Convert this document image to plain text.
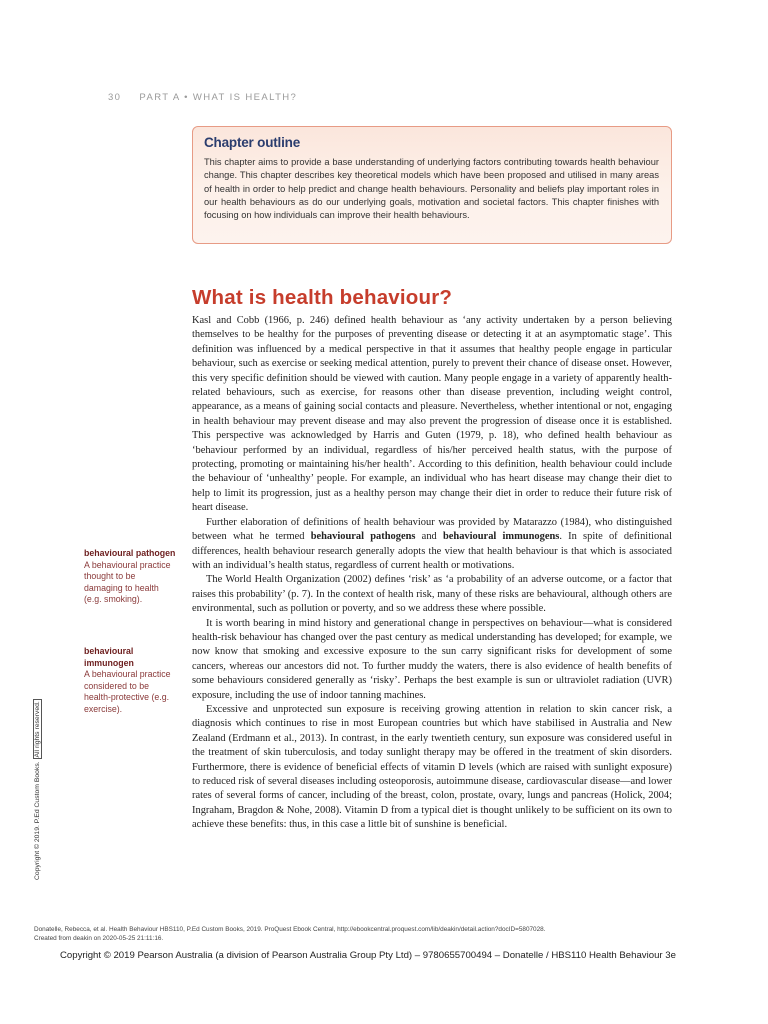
30 PART A • WHAT IS HEALTH?
Chapter outline
This chapter aims to provide a base understanding of underlying factors contributing towards health behaviour change. This chapter describes key theoretical models which have been proposed and utilised in many areas of health in order to help predict and change health behaviours. Personality and beliefs play important roles in our health behaviours as do our underlying goals, motivation and societal factors. This chapter finishes with focusing on how individuals can improve their health behaviours.
What is health behaviour?

Kasl and Cobb (1966, p. 246) defined health behaviour as ‘any activity undertaken by a person believing themselves to be healthy for the purposes of preventing disease or detecting it at an asymptomatic stage’. This definition was influenced by a medical perspective in that it assumes that healthy people engage in particular behaviour, such as exercise or seeking medical attention, purely to prevent their chance of disease onset. However, this very specific definition should be viewed with caution. Many people engage in a variety of apparently health-related behaviours, such as exercise, for reasons other than disease prevention, including weight control, appearance, as a means of gaining social contacts and pleasure. Nevertheless, whether intentional or not, engaging in health behaviour may prevent disease and may also prevent the progression of disease once it is established. This perspective was acknowledged by Harris and Guten (1979, p. 18), who defined health behaviour as ‘behaviour performed by an individual, regardless of his/her perceived health status, with the purpose of protecting, promoting or maintaining his/her health’. According to this definition, health behaviour could include the behaviour of ‘unhealthy’ people. For example, an individual who has heart disease may change their diet to help to limit its progression, just as a healthy person may change their diet in order to reduce their future risk of heart disease.

Further elaboration of definitions of health behaviour was provided by Matarazzo (1984), who distinguished between what he termed behavioural pathogens and behavioural immunogens. In spite of definitional differences, health behaviour research generally adopts the view that health behaviour is that which is associated with an individual’s health status, regardless of current health or motivations.

The World Health Organization (2002) defines ‘risk’ as ‘a probability of an adverse outcome, or a factor that raises this probability’ (p. 7). In the context of health risk, many of these risks are behavioural, although others are environmental, such as pollution or poverty, and so we address these where possible.

It is worth bearing in mind history and generational change in perspectives on behaviour—what is considered health-risk behaviour has changed over the past century as medical understanding has developed; for example, we now know that smoking and excessive exposure to the sun carry significant risks for development of some cancers, whereas our ancestors did not. To further muddy the waters, there is also evidence of health benefits of some behaviours considered generally as ‘risky’. Perhaps the best example is sun or ultraviolet radiation (UVR) exposure, including the use of indoor tanning machines.

Excessive and unprotected sun exposure is receiving growing attention in relation to skin cancer risk, a diagnosis which continues to rise in most European countries but which have stabilised in Australia and New Zealand (Erdmann et al., 2013). In contrast, in the early twentieth century, sun exposure was considered useful in the treatment of skin tuberculosis, and today sunlight therapy may be offered in the treatment of skin disorders. Furthermore, there is evidence of beneficial effects of vitamin D levels (which are raised with sunlight exposure) to reduced risk of several diseases including osteoporosis, autoimmune disease, cardiovascular disease—and lower rates of several forms of cancer, including of the breast, colon, prostate, ovary, lungs and pancreas (Holick, 2004; Ingraham, Bragdon & Nohe, 2008). Vitamin D from a typical diet is thought unlikely to be sufficient on its own to achieve these benefits: thus, in this case a little bit of sunshine is beneficial.

behavioural pathogen
A behavioural practice thought to be damaging to health (e.g. smoking).
behavioural immunogen
A behavioural practice considered to be health-protective (e.g. exercise).
Copyright © 2019. P.Ed Custom Books. All rights reserved.
Donatelle, Rebecca, et al. Health Behaviour HBS110, P.Ed Custom Books, 2019. ProQuest Ebook Central, http://ebookcentral.proquest.com/lib/deakin/detail.action?docID=5807028.
Created from deakin on 2020-05-25 21:11:16.
Copyright © 2019 Pearson Australia (a division of Pearson Australia Group Pty Ltd) – 9780655700494 – Donatelle / HBS110 Health Behaviour 3e
